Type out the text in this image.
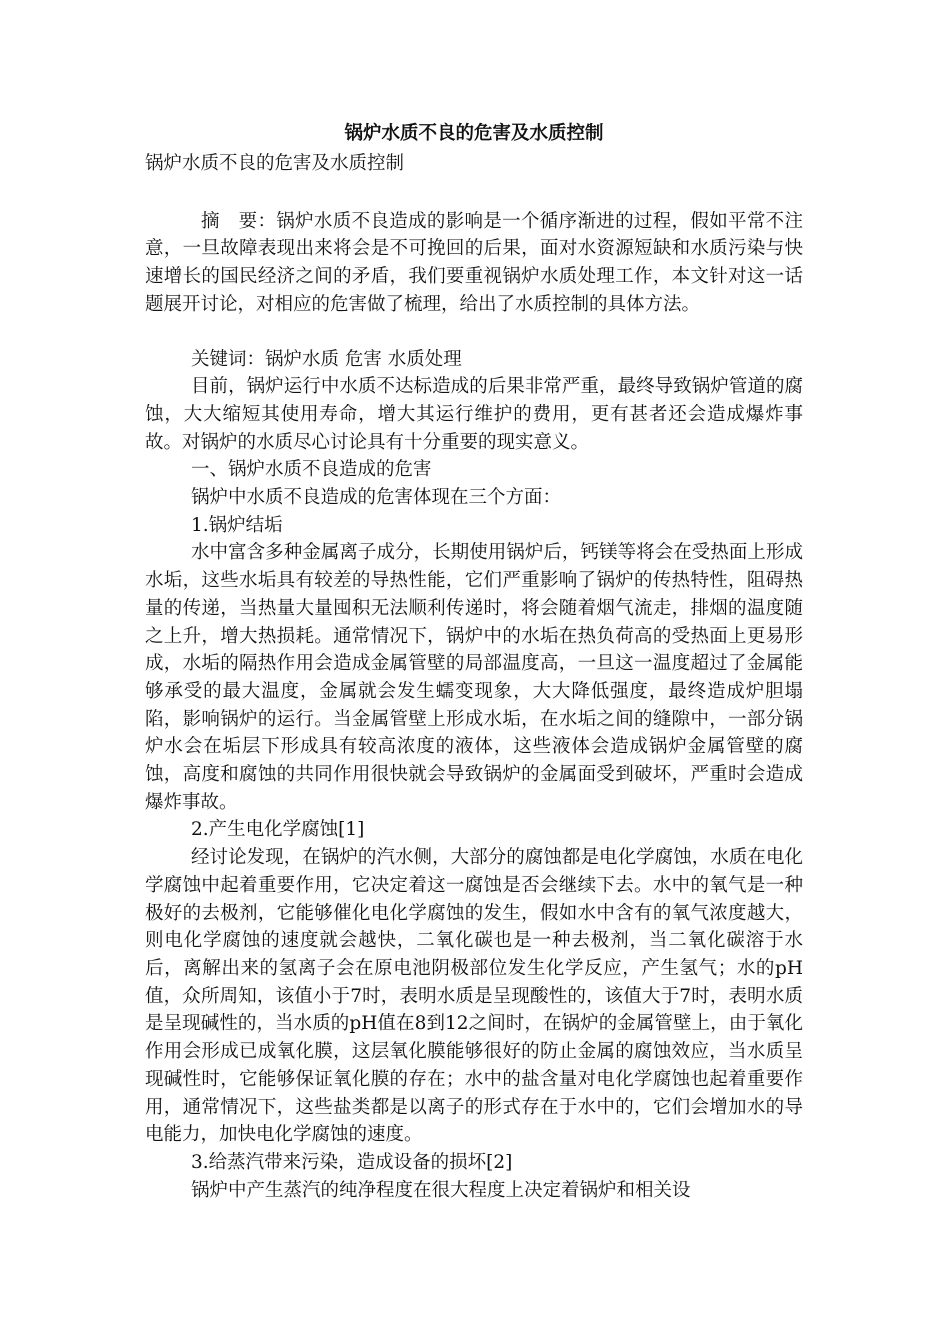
锅炉水质不良的危害及水质控制

锅炉水质不良的危害及水质控制

摘　要：锅炉水质不良造成的影响是一个循序渐进的过程，假如平常不注意，一旦故障表现出来将会是不可挽回的后果，面对水资源短缺和水质污染与快速增长的国民经济之间的矛盾，我们要重视锅炉水质处理工作，本文针对这一话题展开讨论，对相应的危害做了梳理，给出了水质控制的具体方法。

关键词：锅炉水质 危害 水质处理

目前，锅炉运行中水质不达标造成的后果非常严重，最终导致锅炉管道的腐蚀，大大缩短其使用寿命，增大其运行维护的费用，更有甚者还会造成爆炸事故。对锅炉的水质尽心讨论具有十分重要的现实意义。

一、锅炉水质不良造成的危害

锅炉中水质不良造成的危害体现在三个方面：

1.锅炉结垢

水中富含多种金属离子成分，长期使用锅炉后，钙镁等将会在受热面上形成水垢，这些水垢具有较差的导热性能，它们严重影响了锅炉的传热特性，阻碍热量的传递，当热量大量囤积无法顺利传递时，将会随着烟气流走，排烟的温度随之上升，增大热损耗。通常情况下，锅炉中的水垢在热负荷高的受热面上更易形成，水垢的隔热作用会造成金属管壁的局部温度高，一旦这一温度超过了金属能够承受的最大温度，金属就会发生蠕变现象，大大降低强度，最终造成炉胆塌陷，影响锅炉的运行。当金属管壁上形成水垢，在水垢之间的缝隙中，一部分锅炉水会在垢层下形成具有较高浓度的液体，这些液体会造成锅炉金属管壁的腐蚀，高度和腐蚀的共同作用很快就会导致锅炉的金属面受到破坏，严重时会造成爆炸事故。

2.产生电化学腐蚀[1]

经讨论发现，在锅炉的汽水侧，大部分的腐蚀都是电化学腐蚀，水质在电化学腐蚀中起着重要作用，它决定着这一腐蚀是否会继续下去。水中的氧气是一种极好的去极剂，它能够催化电化学腐蚀的发生，假如水中含有的氧气浓度越大，则电化学腐蚀的速度就会越快，二氧化碳也是一种去极剂，当二氧化碳溶于水后，离解出来的氢离子会在原电池阴极部位发生化学反应，产生氢气；水的pH值，众所周知，该值小于7时，表明水质是呈现酸性的，该值大于7时，表明水质是呈现碱性的，当水质的pH值在8到12之间时，在锅炉的金属管壁上，由于氧化作用会形成已成氧化膜，这层氧化膜能够很好的防止金属的腐蚀效应，当水质呈现碱性时，它能够保证氧化膜的存在；水中的盐含量对电化学腐蚀也起着重要作用，通常情况下，这些盐类都是以离子的形式存在于水中的，它们会增加水的导电能力，加快电化学腐蚀的速度。

3.给蒸汽带来污染，造成设备的损坏[2]

锅炉中产生蒸汽的纯净程度在很大程度上决定着锅炉和相关设
